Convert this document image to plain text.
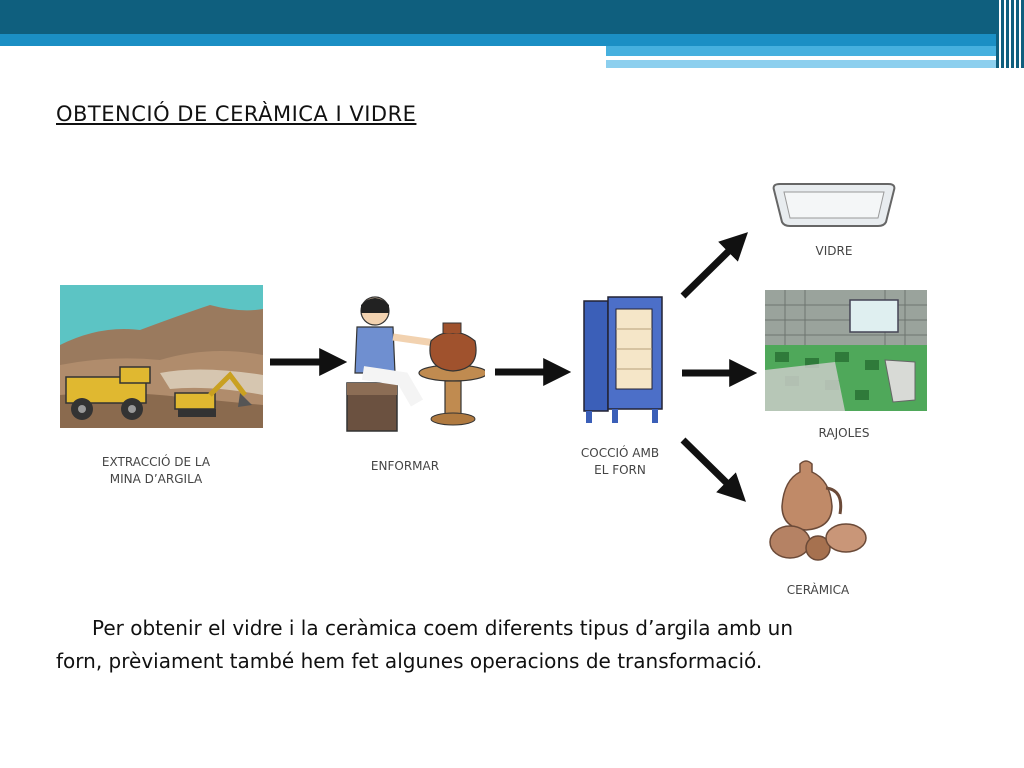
OBTENCIÓ DE CERÀMICA I VIDRE
EXTRACCIÓ DE LA
MINA D’ARGILA
ENFORMAR
COCCIÓ AMB
EL FORN
VIDRE
RAJOLES
CERÀMICA
Per obtenir el vidre i la ceràmica coem diferents tipus d’argila amb un
forn, prèviament també hem fet algunes operacions de transformació.
